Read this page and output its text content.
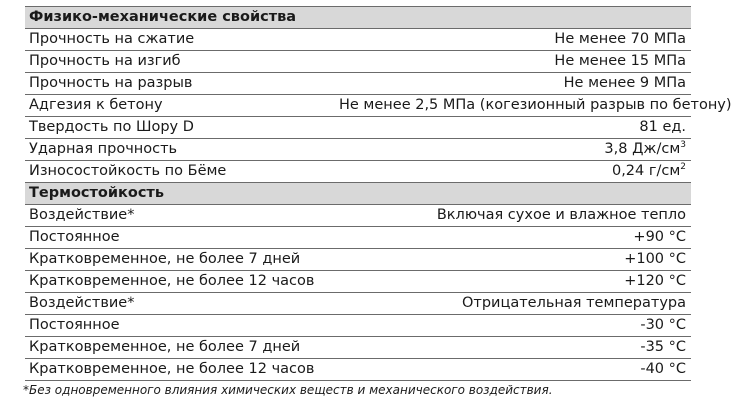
Физико-механические свойства	
Прочность на сжатие	Не менее 70 МПа
Прочность на изгиб	Не менее 15 МПа
Прочность на разрыв	Не менее 9 МПа
Адгезия к бетону	Не менее 2,5 МПа (когезионный разрыв по бетону)
Твердость по Шору D	81 ед.
Ударная прочность	3,8 $Дж/см^3$
Износостойкость по Бёме	0,24 $г/см^2$
Термостойкость	
Воздействие*	Включая сухое и влажное тепло
Постоянное	+90 °C
Кратковременное, не более 7 дней	+100 °C
Кратковременное, не более 12 часов	+120 °C
Воздействие*	Отрицательная температура
Постоянное	-30 °C
Кратковременное, не более 7 дней	-35 °C
Кратковременное, не более 12 часов	-40 °C
*Без одновременного влияния химических веществ и механического воздействия.
